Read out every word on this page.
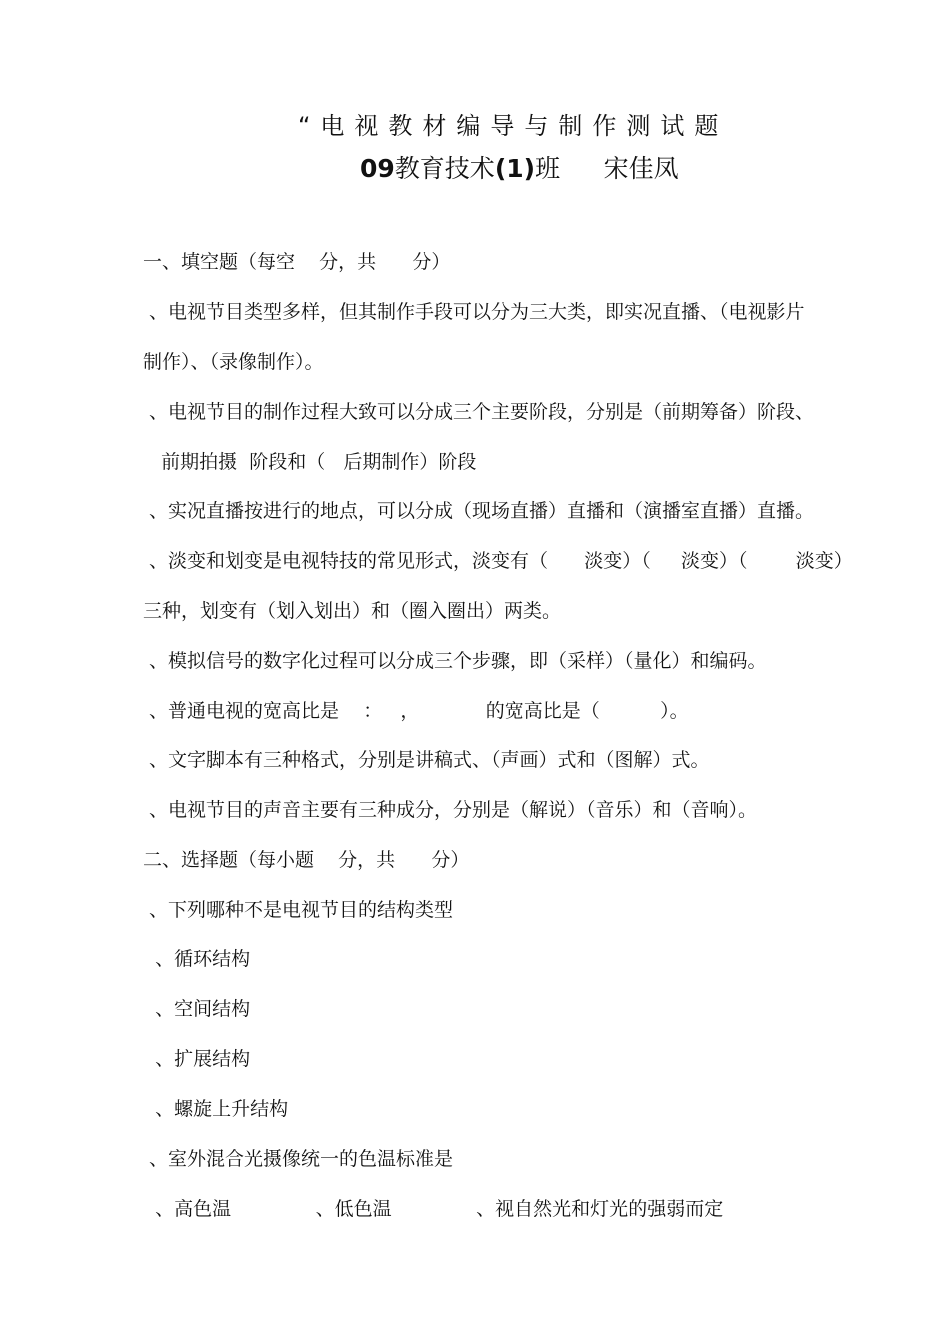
“电视教材编导与制作测试题
09教育技术(1)班 宋佳凤
一、填空题（每空    分，共      分）
、电视节目类型多样，但其制作手段可以分为三大类，即实况直播、（电视影片
制作）、（录像制作）。
、电视节目的制作过程大致可以分成三个主要阶段，分别是（前期筹备）阶段、
前期拍摄  阶段和（   后期制作）阶段
、实况直播按进行的地点，可以分成（现场直播）直播和（演播室直播）直播。
、淡变和划变是电视特技的常见形式，淡变有（      淡变）（     淡变）（        淡变）
三种，划变有（划入划出）和（圈入圈出）两类。
、模拟信号的数字化过程可以分成三个步骤，即（采样）（量化）和编码。
、普通电视的宽高比是    ：   ，           的宽高比是（          ）。
、文字脚本有三种格式，分别是讲稿式、（声画）式和（图解）式。
、电视节目的声音主要有三种成分，分别是（解说）（音乐）和（音响）。
二、选择题（每小题    分，共      分）
、下列哪种不是电视节目的结构类型
、循环结构
、空间结构
、扩展结构
、螺旋上升结构
、室外混合光摄像统一的色温标准是
、高色温              、低色温              、视自然光和灯光的强弱而定
